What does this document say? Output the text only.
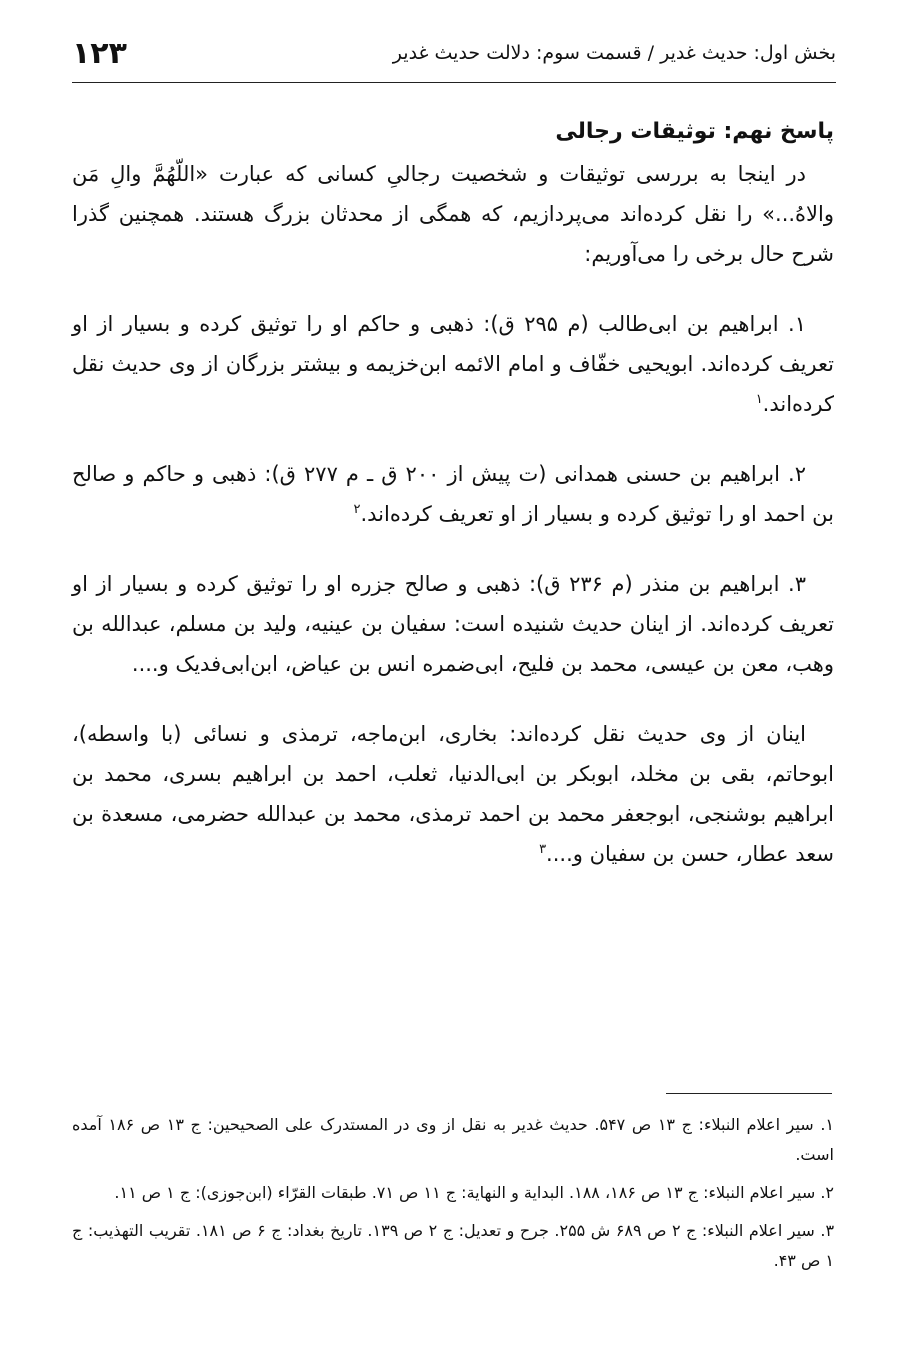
بخش اول: حدیث غدیر / قسمت سوم: دلالت حدیث غدیر
۱۲۳

پاسخ نهم: توثیقات رجالی

در اینجا به بررسی توثیقات و شخصیت رجالیِ کسانی که عبارت «اللّهُمَّ والِ مَن والاهُ...» را نقل کرده‌اند می‌پردازیم، که همگی از محدثان بزرگ هستند. همچنین گذرا شرح حال برخی را می‌آوریم:

۱. ابراهیم بن ابی‌طالب (م ۲۹۵ ق): ذهبی و حاکم او را توثیق کرده و بسیار از او تعریف کرده‌اند. ابویحیی خفّاف و امام الائمه ابن‌خزیمه و بیشتر بزرگان از وی حدیث نقل کرده‌اند.$^۱$

۲. ابراهیم بن حسنی همدانی (ت پیش از ۲۰۰ ق ـ م ۲۷۷ ق): ذهبی و حاکم و صالح بن احمد او را توثیق کرده و بسیار از او تعریف کرده‌اند.$^۲$

۳. ابراهیم بن منذر (م ۲۳۶ ق): ذهبی و صالح جزره او را توثیق کرده و بسیار از او تعریف کرده‌اند. از اینان حدیث شنیده است: سفیان بن عینیه، ولید بن مسلم، عبدالله بن وهب، معن بن عیسی، محمد بن فلیح، ابی‌ضمره انس بن عیاض، ابن‌ابی‌فدیک و....

اینان از وی حدیث نقل کرده‌اند: بخاری، ابن‌ماجه، ترمذی و نسائی (با واسطه)، ابوحاتم، بقی بن مخلد، ابوبکر بن ابی‌الدنیا، ثعلب، احمد بن ابراهیم بسری، محمد بن ابراهیم بوشنجی، ابوجعفر محمد بن احمد ترمذی، محمد بن عبدالله حضرمی، مسعدة بن سعد عطار، حسن بن سفیان و....$^۳$

۱. سیر اعلام النبلاء: ج ۱۳ ص ۵۴۷. حدیث غدیر به نقل از وی در المستدرک علی الصحیحین: ج ۱۳ ص ۱۸۶ آمده است.

۲. سیر اعلام النبلاء: ج ۱۳ ص ۱۸۶، ۱۸۸. البدایة و النهایة: ج ۱۱ ص ۷۱. طبقات القرّاء (ابن‌جوزی): ج ۱ ص ۱۱.

۳. سیر اعلام النبلاء: ج ۲ ص ۶۸۹ ش ۲۵۵. جرح و تعدیل: ج ۲ ص ۱۳۹. تاریخ بغداد: ج ۶ ص ۱۸۱. تقریب التهذیب: ج ۱ ص ۴۳.
